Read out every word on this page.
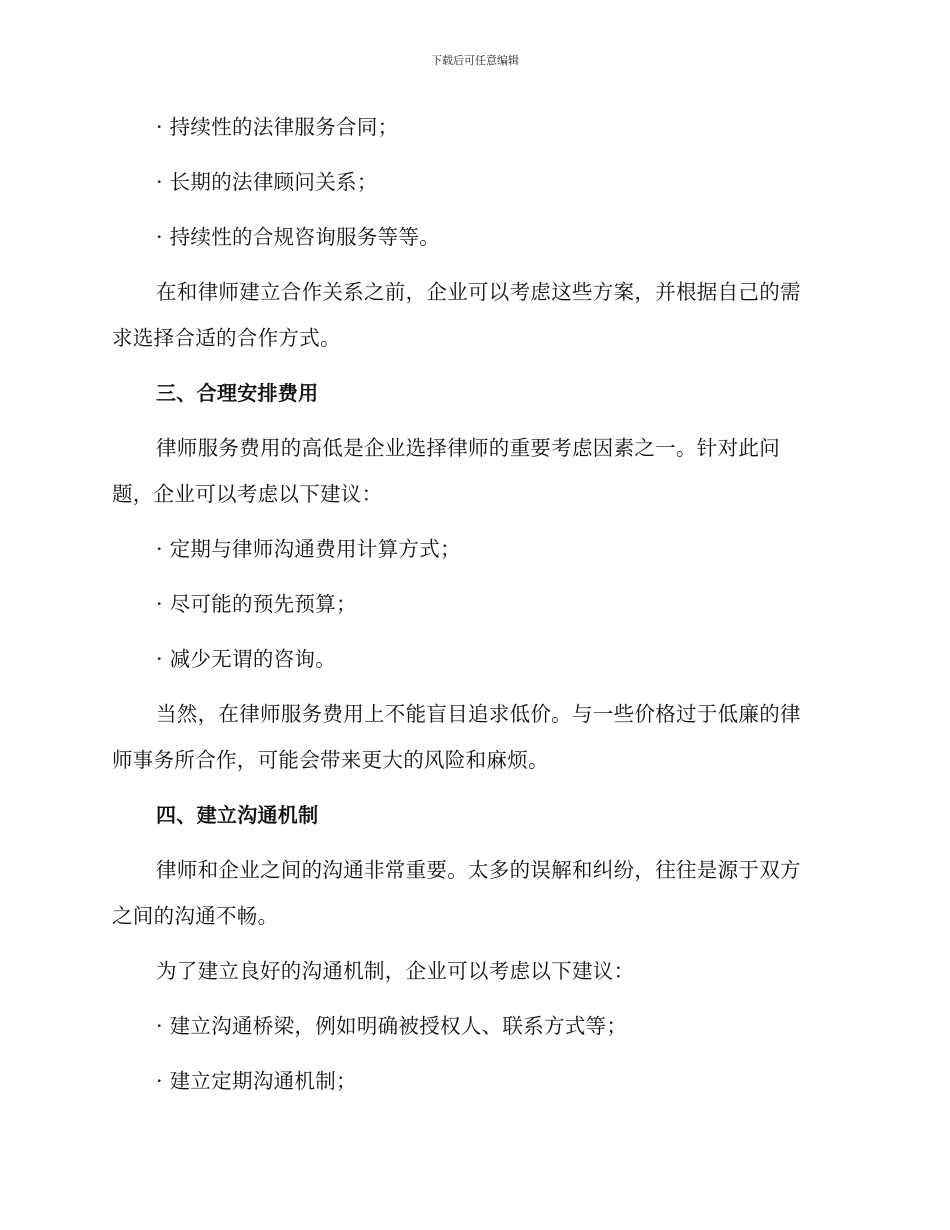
下载后可任意编辑
· 持续性的法律服务合同；
· 长期的法律顾问关系；
· 持续性的合规咨询服务等等。
在和律师建立合作关系之前，企业可以考虑这些方案，并根据自己的需
求选择合适的合作方式。
三、合理安排费用
律师服务费用的高低是企业选择律师的重要考虑因素之一。针对此问
题，企业可以考虑以下建议：
· 定期与律师沟通费用计算方式；
· 尽可能的预先预算；
· 减少无谓的咨询。
当然，在律师服务费用上不能盲目追求低价。与一些价格过于低廉的律
师事务所合作，可能会带来更大的风险和麻烦。
四、建立沟通机制
律师和企业之间的沟通非常重要。太多的误解和纠纷，往往是源于双方
之间的沟通不畅。
为了建立良好的沟通机制，企业可以考虑以下建议：
· 建立沟通桥梁，例如明确被授权人、联系方式等；
· 建立定期沟通机制；
